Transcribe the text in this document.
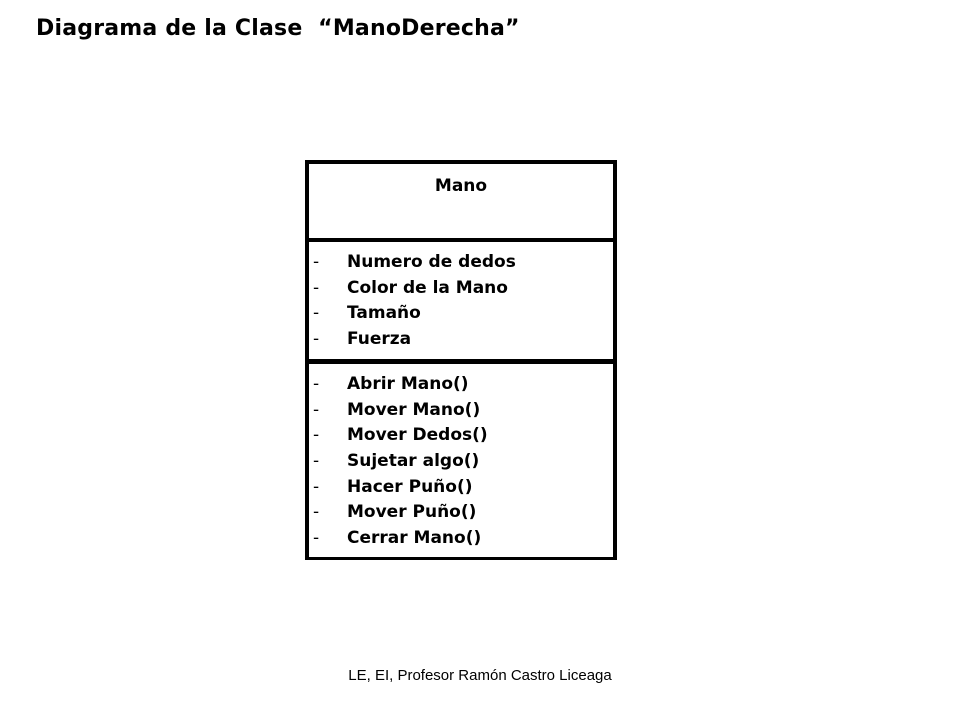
Diagrama de la Clase  “ManoDerecha”
Mano
-	Numero de dedos
-	Color de la Mano
-	Tamaño
-	Fuerza
-	Abrir Mano()
-	Mover Mano()
-	Mover Dedos()
-	Sujetar algo()
-	Hacer Puño()
-	Mover Puño()
-	Cerrar Mano()
LE, EI, Profesor Ramón Castro Liceaga
